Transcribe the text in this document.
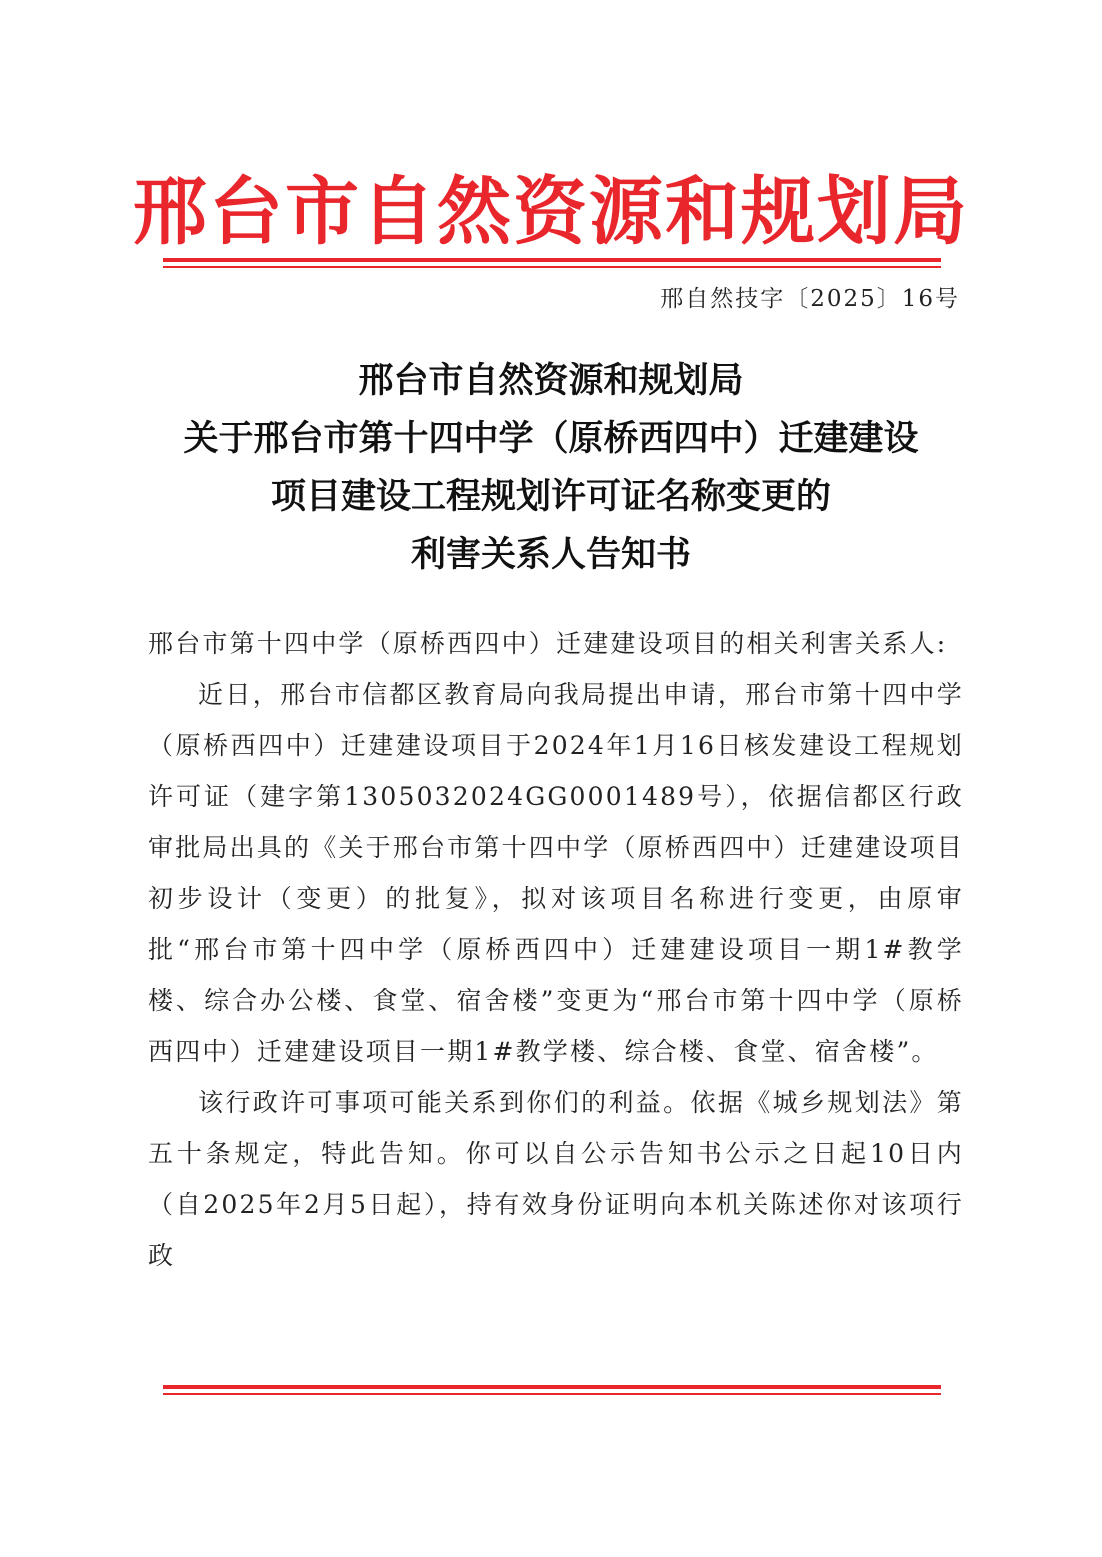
邢台市自然资源和规划局
邢自然技字〔2025〕16号
邢台市自然资源和规划局
关于邢台市第十四中学（原桥西四中）迁建建设
项目建设工程规划许可证名称变更的
利害关系人告知书

邢台市第十四中学（原桥西四中）迁建建设项目的相关利害关系人:

近日，邢台市信都区教育局向我局提出申请，邢台市第十四中学（原桥西四中）迁建建设项目于2024年1月16日核发建设工程规划许可证（建字第1305032024GG0001489号），依据信都区行政审批局出具的《关于邢台市第十四中学（原桥西四中）迁建建设项目初步设计（变更）的批复》，拟对该项目名称进行变更，由原审批“邢台市第十四中学（原桥西四中）迁建建设项目一期1#教学楼、综合办公楼、食堂、宿舍楼”变更为“邢台市第十四中学（原桥西四中）迁建建设项目一期1#教学楼、综合楼、食堂、宿舍楼”。

该行政许可事项可能关系到你们的利益。依据《城乡规划法》第五十条规定，特此告知。你可以自公示告知书公示之日起10日内（自2025年2月5日起），持有效身份证明向本机关陈述你对该项行政
